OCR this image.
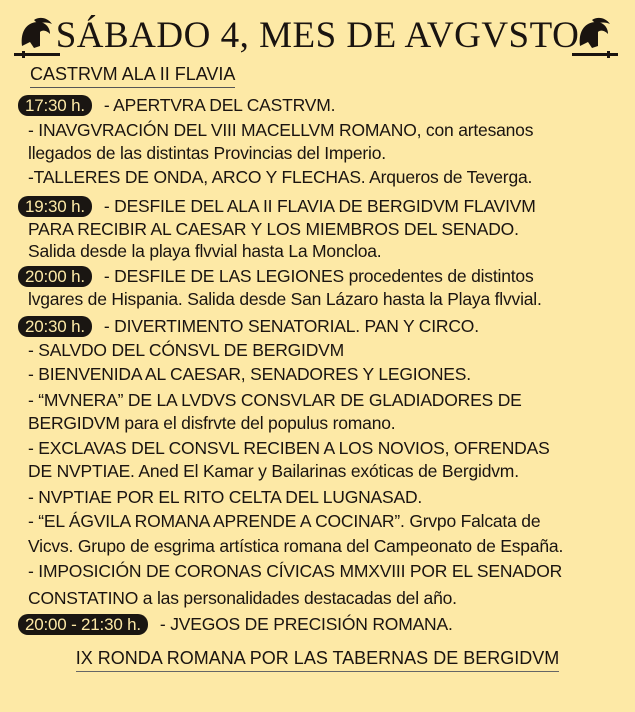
SÁBADO 4, MES DE AVGVSTO
CASTRVM ALA II FLAVIA
17:30 h. - APERTVRA DEL CASTRVM.
- INAVGVRACIÓN DEL VIII MACELLVM ROMANO, con artesanos
llegados de las distintas Provincias del Imperio.
-TALLERES DE ONDA, ARCO Y FLECHAS. Arqueros de Teverga.
19:30 h. - DESFILE DEL ALA II FLAVIA DE BERGIDVM FLAVIVM
PARA RECIBIR AL CAESAR Y LOS MIEMBROS DEL SENADO.
Salida desde la playa flvvial hasta La Moncloa.
20:00 h. - DESFILE DE LAS LEGIONES procedentes de distintos
lvgares de Hispania. Salida desde San Lázaro hasta la Playa flvvial.
20:30 h. - DIVERTIMENTO SENATORIAL. PAN Y CIRCO.
- SALVDO DEL CÓNSVL DE BERGIDVM
- BIENVENIDA AL CAESAR, SENADORES Y LEGIONES.
- “MVNERA” DE LA LVDVS CONSVLAR DE GLADIADORES DE
BERGIDVM para el disfrvte del populus romano.
- EXCLAVAS DEL CONSVL RECIBEN A LOS NOVIOS, OFRENDAS
DE NVPTIAE. Aned El Kamar y Bailarinas exóticas de Bergidvm.
- NVPTIAE POR EL RITO CELTA DEL LUGNASAD.
- “EL ÁGVILA ROMANA APRENDE A COCINAR”. Grvpo Falcata de
Vicvs. Grupo de esgrima artística romana del Campeonato de España.
- IMPOSICIÓN DE CORONAS CÍVICAS MMXVIII POR EL SENADOR
CONSTATINO a las personalidades destacadas del año.
20:00 - 21:30 h. - JVEGOS DE PRECISIÓN ROMANA.
IX RONDA ROMANA POR LAS TABERNAS DE BERGIDVM
